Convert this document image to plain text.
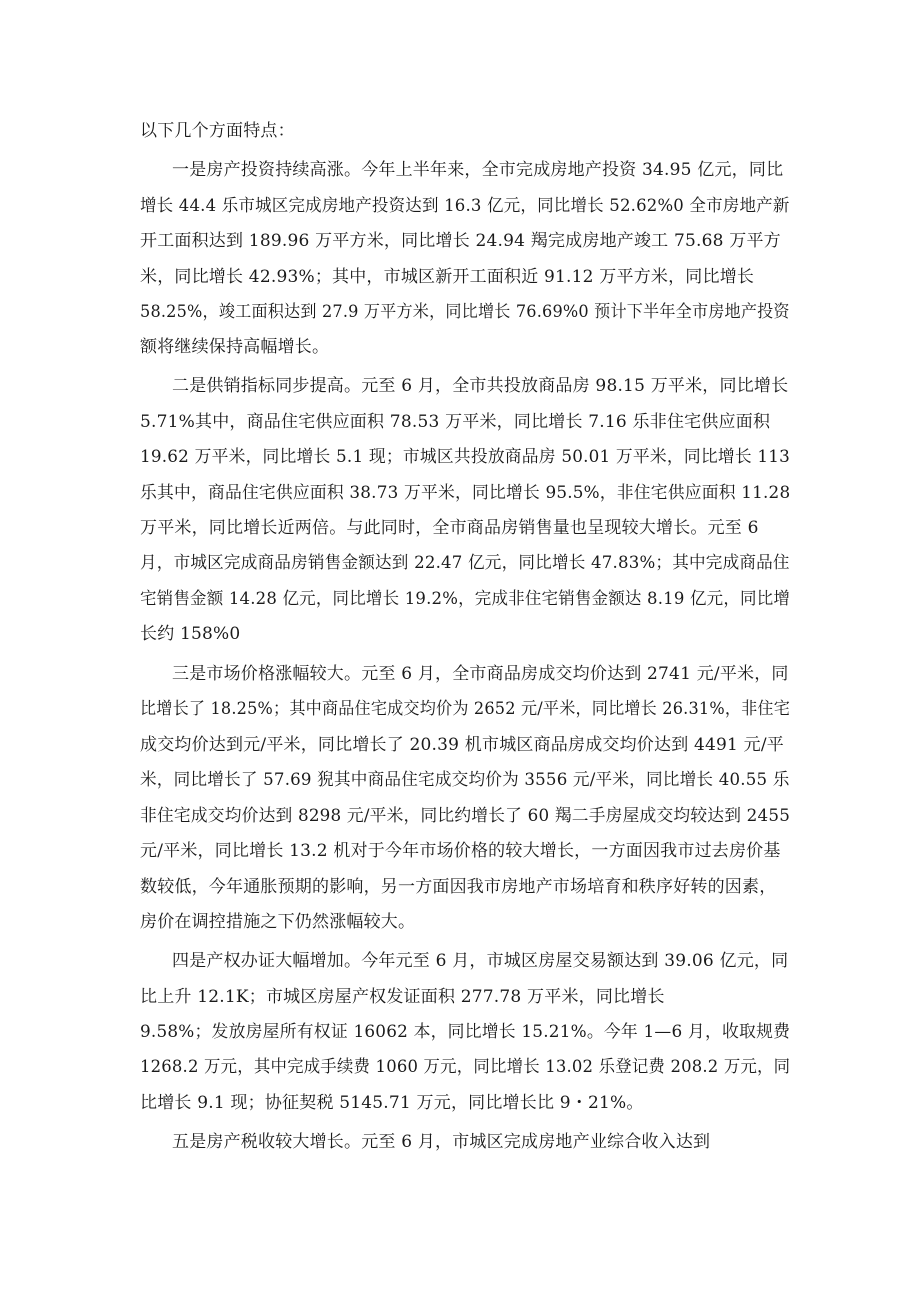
以下几个方面特点：
一是房产投资持续高涨。今年上半年来，全市完成房地产投资 34.95 亿元，同比
增长 44.4 乐市城区完成房地产投资达到 16.3 亿元，同比增长 52.62%0 全市房地产新
开工面积达到 189.96 万平方米，同比增长 24.94 羯完成房地产竣工 75.68 万平方
米，同比增长 42.93%；其中，市城区新开工面积近 91.12 万平方米，同比增长
58.25%，竣工面积达到 27.9 万平方米，同比增长 76.69%0 预计下半年全市房地产投资
额将继续保持高幅增长。
二是供销指标同步提高。元至 6 月，全市共投放商品房 98.15 万平米，同比增长
5.71%其中，商品住宅供应面积 78.53 万平米，同比增长 7.16 乐非住宅供应面积
19.62 万平米，同比增长 5.1 现；市城区共投放商品房 50.01 万平米，同比增长 113
乐其中，商品住宅供应面积 38.73 万平米，同比增长 95.5%，非住宅供应面积 11.28
万平米，同比增长近两倍。与此同时，全市商品房销售量也呈现较大增长。元至 6
月，市城区完成商品房销售金额达到 22.47 亿元，同比增长 47.83%；其中完成商品住
宅销售金额 14.28 亿元，同比增长 19.2%，完成非住宅销售金额达 8.19 亿元，同比增
长约 158%0
三是市场价格涨幅较大。元至 6 月，全市商品房成交均价达到 2741 元/平米，同
比增长了 18.25%；其中商品住宅成交均价为 2652 元/平米，同比增长 26.31%，非住宅
成交均价达到元/平米，同比增长了 20.39 机市城区商品房成交均价达到 4491 元/平
米，同比增长了 57.69 猊其中商品住宅成交均价为 3556 元/平米，同比增长 40.55 乐
非住宅成交均价达到 8298 元/平米，同比约增长了 60 羯二手房屋成交均较达到 2455
元/平米，同比增长 13.2 机对于今年市场价格的较大增长，一方面因我市过去房价基
数较低，今年通胀预期的影响，另一方面因我市房地产市场培育和秩序好转的因素，
房价在调控措施之下仍然涨幅较大。
四是产权办证大幅增加。今年元至 6 月，市城区房屋交易额达到 39.06 亿元，同
比上升 12.1K；市城区房屋产权发证面积 277.78 万平米，同比增长
9.58%；发放房屋所有权证 16062 本，同比增长 15.21%。今年 1—6 月，收取规费
1268.2 万元，其中完成手续费 1060 万元，同比增长 13.02 乐登记费 208.2 万元，同
比增长 9.1 现；协征契税 5145.71 万元，同比增长比 9・21%。
五是房产税收较大增长。元至 6 月，市城区完成房地产业综合收入达到
